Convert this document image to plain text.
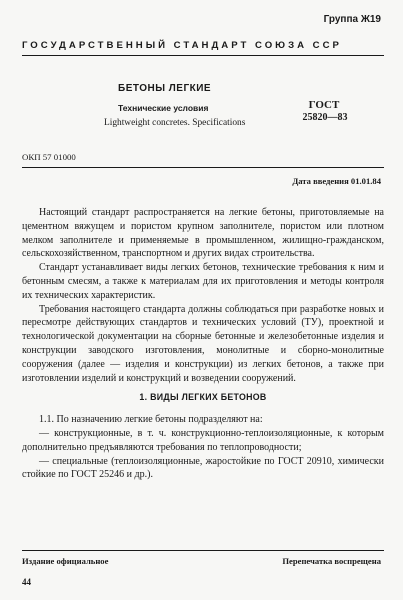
Группа Ж19
ГОСУДАРСТВЕННЫЙ СТАНДАРТ СОЮЗА ССР
БЕТОНЫ ЛЕГКИЕ
Технические условия
Lightweight concretes. Specifications
ГОСТ
25820—83
ОКП 57 01000
Дата введения 01.01.84

Настоящий стандарт распространяется на легкие бетоны, приготовляемые на цементном вяжущем и пористом крупном заполнителе, пористом или плотном мелком заполнителе и применяемые в промышленном, жилищно-гражданском, сельскохозяйственном, транспортном и других видах строительства.

Стандарт устанавливает виды легких бетонов, технические требования к ним и бетонным смесям, а также к материалам для их приготовления и методы контроля их технических характеристик.

Требования настоящего стандарта должны соблюдаться при разработке новых и пересмотре действующих стандартов и технических условий (ТУ), проектной и технологической документации на сборные бетонные и железобетонные изделия и конструкции заводского изготовления, монолитные и сборно-монолитные сооружения (далее — изделия и конструкции) из легких бетонов, а также при изготовлении изделий и конструкций и возведении сооружений.

1. ВИДЫ ЛЕГКИХ БЕТОНОВ

1.1. По назначению легкие бетоны подразделяют на:

— конструкционные, в т. ч. конструкционно-теплоизоляционные, к которым дополнительно предъявляются требования по теплопроводности;

— специальные (теплоизоляционные, жаростойкие по ГОСТ 20910, химически стойкие по ГОСТ 25246 и др.).

Издание официальное	Перепечатка воспрещена
44
